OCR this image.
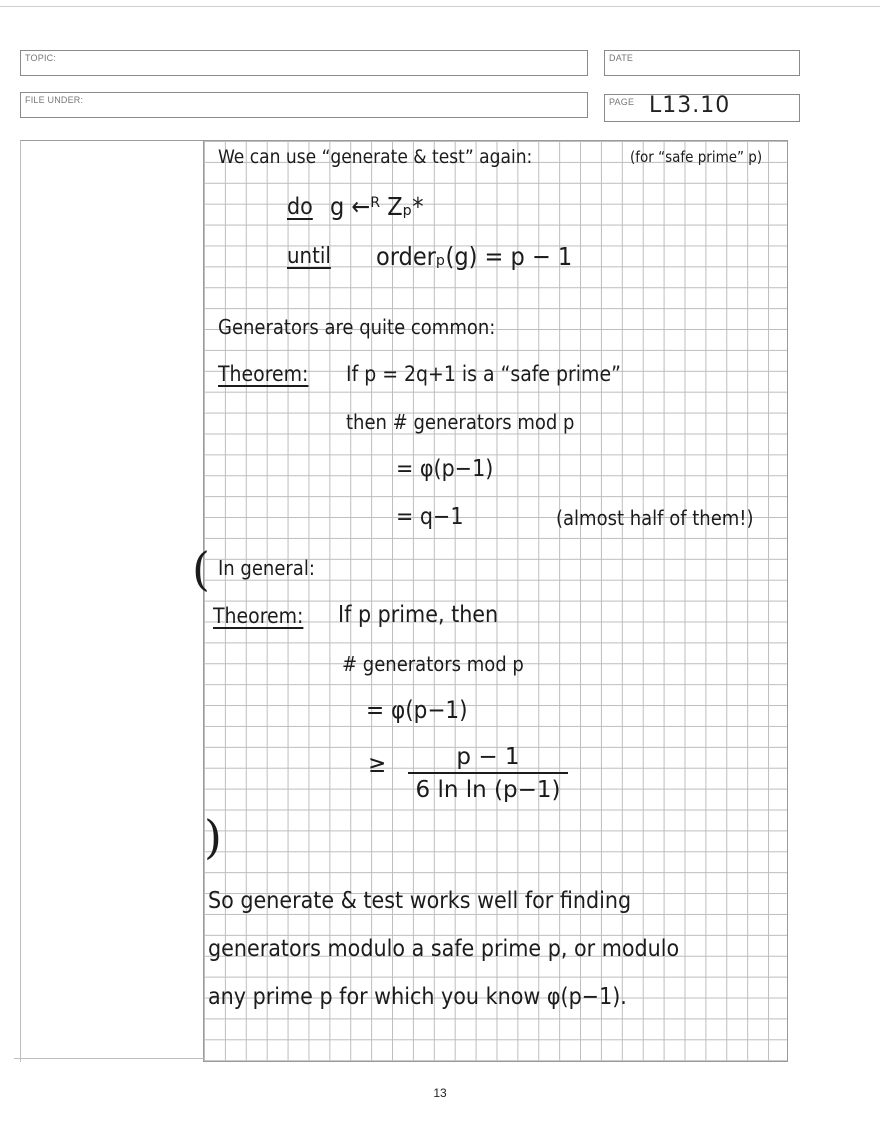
TOPIC:	DATE
FILE UNDER:	PAGE L13.10
We can use “generate & test” again:	(for “safe prime” p)
do g ←ᴿ Zₚ*
until orderₚ(g) = p − 1
Generators are quite common:
Theorem: If p = 2q+1 is a “safe prime”
then # generators mod p
= φ(p−1)
= q−1	(almost half of them!)
( In general:
Theorem: If p prime, then
# generators mod p
= φ(p−1)
≥	p − 1
6 ln ln (p−1)
)
So generate & test works well for finding
generators modulo a safe prime p, or modulo
any prime p for which you know φ(p−1).
13
